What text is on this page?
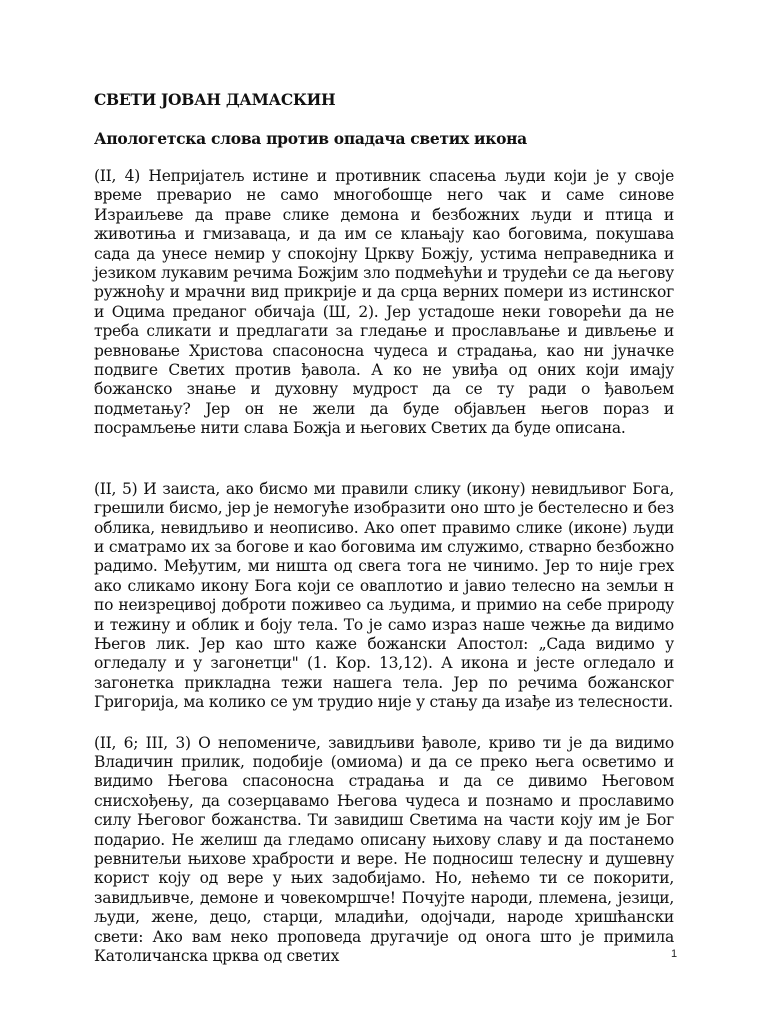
СВЕТИ ЈОВАН ДАМАСКИН
Апологетска слова против опадача светих икона

(II, 4) Непријатељ истине и противник спасења људи који је у своје време преварио не само многобошце него чак и саме синове Израиљеве да праве слике демона и безбожних људи и птица и животиња и гмизаваца, и да им се клањају као боговима, покушава сада да унесе немир у спокојну Цркву Божју, устима неправедника и језиком лукавим речима Божјим зло подмећући и трудећи се да његову ружноћу и мрачни вид прикрије и да срца верних помери из истинског и Оцима преданог обичаја (Ш, 2). Јер устадоше неки говорећи да не треба сликати и предлагати за гледање и прослављање и дивљење и ревновање Христова спасоносна чудеса и страдања, као ни јуначке подвиге Светих против ђавола. А ко не увиђа од оних који имају божанско знање и духовну мудрост да се ту ради о ђавољем подметању? Јер он не жели да буде објављен његов пораз и посрамљење нити слава Божја и његових Светих да буде описана.

(II, 5) И заиста, ако бисмо ми правили слику (икону) невидљивог Бога, грешили бисмо, јер је немогуће изобразити оно што је бестелесно и без облика, невидљиво и неописиво. Ако опет правимо слике (иконе) људи и сматрамо их за богове и као боговима им служимо, стварно безбожно радимо. Међутим, ми ништа од свега тога не чинимо. Јер то није грех ако сликамо икону Бога који се оваплотио и јавио телесно на земљи н по неизрецивој доброти поживео са људима, и примио на себе природу и тежину и облик и боју тела. То је само израз наше чежње да видимо Његов лик. Јер као што каже божански Апостол: „Сада видимо у огледалу и у загонетци" (1. Кор. 13,12). А икона и јесте огледало и загонетка прикладна тежи нашега тела. Јер по речима божанског Григорија, ма колико се ум трудио није у стању да изађе из телесности.

(II, 6; III, 3) О непомениче, завидљиви ђаволе, криво ти је да видимо Владичин прилик, подобије (омиома) и да се преко њега осветимо и видимо Његова спасоносна страдања и да се дивимо Његовом снисхођењу, да созерцавамо Његова чудеса и познамо и прославимо силу Његовог божанства. Ти завидиш Светима на части коју им је Бог подарио. Не желиш да гледамо описану њихову славу и да постанемо ревнитељи њихове храбрости и вере. Не подносиш телесну и душевну корист коју од вере у њих задобијамо. Но, нећемо ти се покорити, завидљивче, демоне и човекомршче! Почујте народи, племена, језици, људи, жене, децо, старци, младићи, одојчади, народе хришћански свети: Ако вам неко проповеда другачије од онога што је примила Католичанска црква од светих	1
